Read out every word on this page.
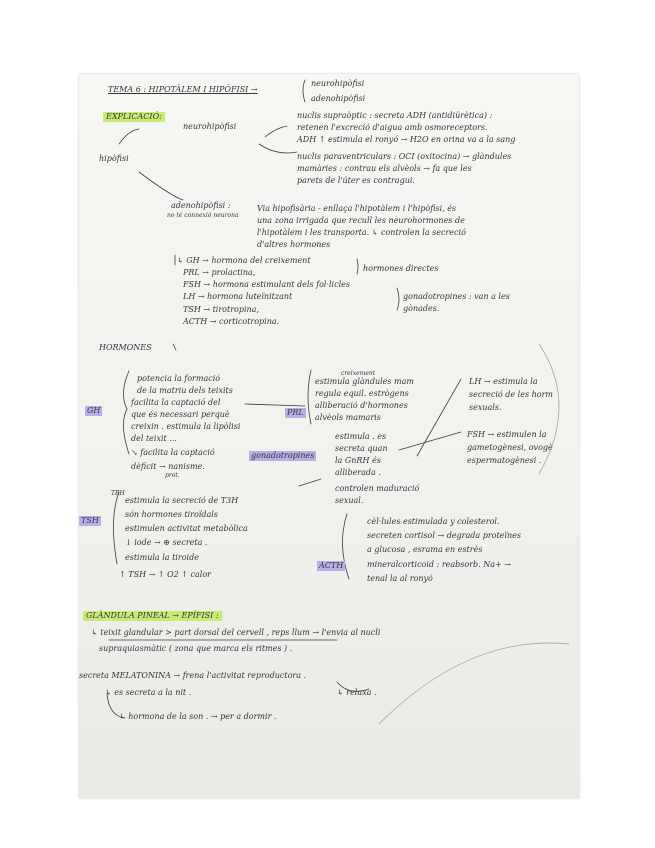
TEMA 6 : HIPOTÀLEM I HIPÒFISI →
neurohipòfisi
adenohipòfisi
EXPLICACIÓ:
hipòfisi
neurohipòfisi
nuclis supraòptic : secreta ADH (antidiürètica) :
retenen l'excreció d'aigua amb osmoreceptors.
ADH ↑ estimula el ronyó → H2O en orina va a la sang
nuclis paraventriculars : OCI (oxitocina) → glàndules
mamàries : contrau els alvèols → fa que les
parets de l'úter es contragui.
adenohipòfisi :
no té connexió neurona
Via hipofisària - enllaça l'hipotàlem i l'hipòfisi, és
una zona irrigada que recull les neurohormones de
l'hipotàlem i les transporta. ↳ controlen la secreció
d'altres hormones
↳ GH → hormona del creixement
PRL → prolactina,
FSH → hormona estimulant dels fol·licles
LH → hormona luteïnitzant
TSH → tirotropina,
ACTH → corticotropina.
hormones directes
gonadotropines : van a les
gònades.
HORMONES
GH
potencia la formació
de la matriu dels teixits
facilita la captació del
que és necessari perquè
creixin . estimula la lipòlisi
del teixit ...
↘ facilita la captació
prot.
dèficit → nanisme.
PRL
creixement
estimula glàndules mam
regula equil. estrògens
alliberació d'hormones
alvèols mamaris
gonadotropines
estimula . es
secreta quan
la GnRH és
alliberada .
controlen maduració
sexual.
LH → estimula la
secreció de les horm
sexuals.
FSH → estimulen la
gametogènesi, ovogè
espermatogènesi .
TSH
TRH
estimula la secreció de T3H
són hormones tiroïdals
estimulen activitat metabòlica
↓ iode → ⊕ secreta .
estimula la tiroide
↑ TSH → ↑ O2 ↑ calor
ACTH
cèl·lules estimulada y colesterol.
secreten cortisol → degrada proteïnes
a glucosa , esrama en estrès
mineralcorticoid : reabsorb. Na+ →
tenal la al ronyó
GLÀNDULA PINEAL → EPÍFISI :
↳ teixit glandular > part dorsal del cervell , reps llum → l'envia al nucli
supraquiasmàtic ( zona que marca els ritmes ) .
secreta MELATONINA → frena l'activitat reproductora .
↳ es secreta a la nit .	↳ relaxa .
↳ hormona de la son . → per a dormir .
